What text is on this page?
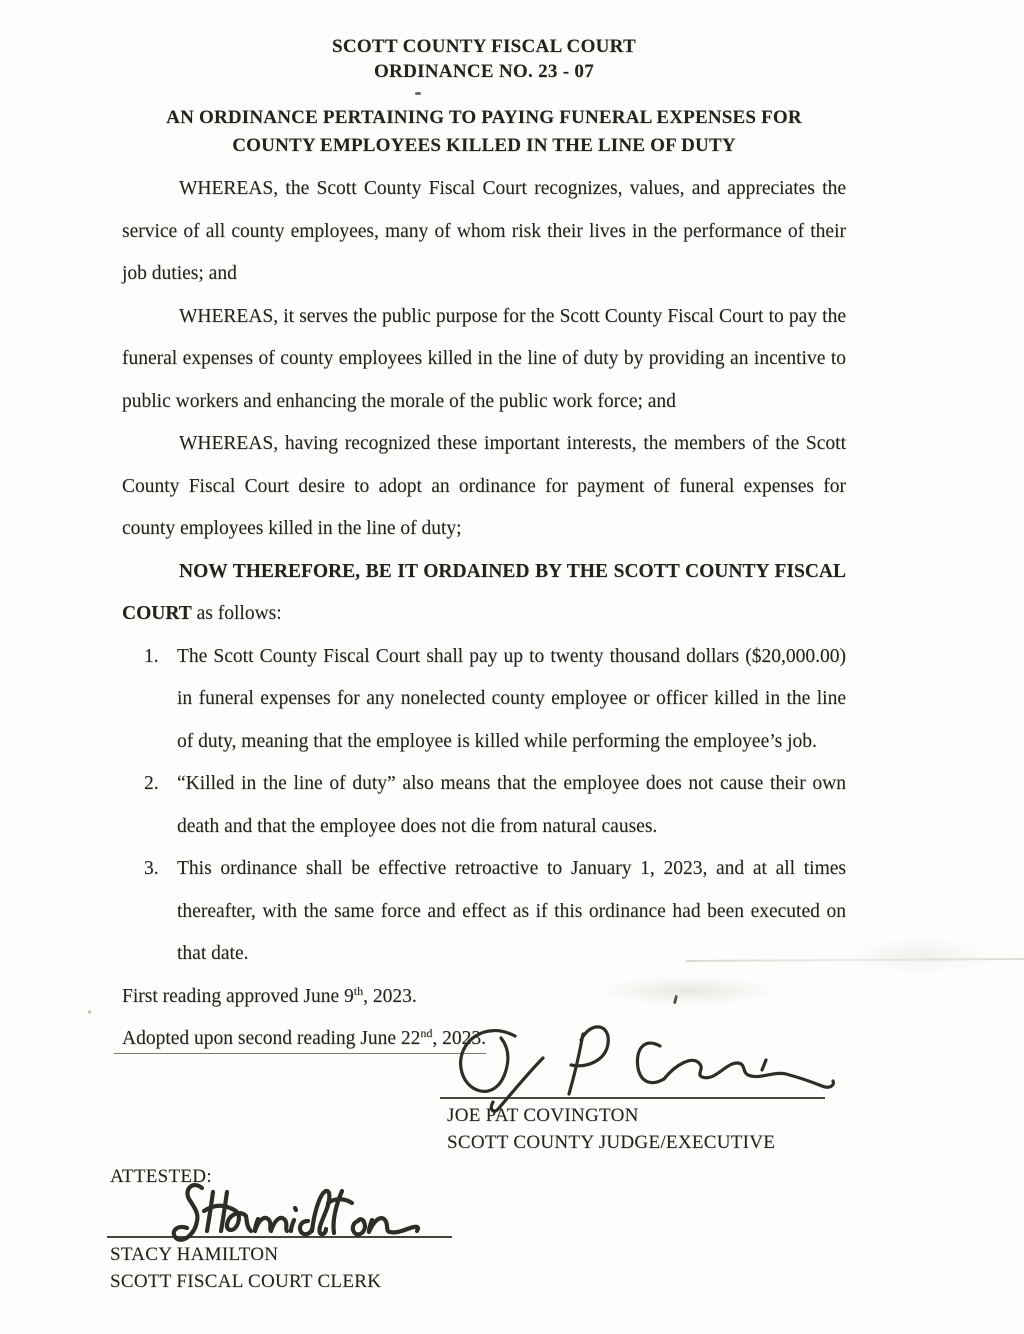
SCOTT COUNTY FISCAL COURT
ORDINANCE NO. 23 - 07
AN ORDINANCE PERTAINING TO PAYING FUNERAL EXPENSES FOR COUNTY EMPLOYEES KILLED IN THE LINE OF DUTY

WHEREAS, the Scott County Fiscal Court recognizes, values, and appreciates the service of all county employees, many of whom risk their lives in the performance of their job duties; and

WHEREAS, it serves the public purpose for the Scott County Fiscal Court to pay the funeral expenses of county employees killed in the line of duty by providing an incentive to public workers and enhancing the morale of the public work force; and

WHEREAS, having recognized these important interests, the members of the Scott County Fiscal Court desire to adopt an ordinance for payment of funeral expenses for county employees killed in the line of duty;

NOW THEREFORE, BE IT ORDAINED BY THE SCOTT COUNTY FISCAL COURT as follows:

1. The Scott County Fiscal Court shall pay up to twenty thousand dollars ($20,000.00) in funeral expenses for any nonelected county employee or officer killed in the line of duty, meaning that the employee is killed while performing the employee’s job.
2. “Killed in the line of duty” also means that the employee does not cause their own death and that the employee does not die from natural causes.
3. This ordinance shall be effective retroactive to January 1, 2023, and at all times thereafter, with the same force and effect as if this ordinance had been executed on that date.

First reading approved June 9th, 2023.

Adopted upon second reading June 22nd, 2023.

JOE PAT COVINGTON
SCOTT COUNTY JUDGE/EXECUTIVE
ATTESTED:
STACY HAMILTON
SCOTT FISCAL COURT CLERK
